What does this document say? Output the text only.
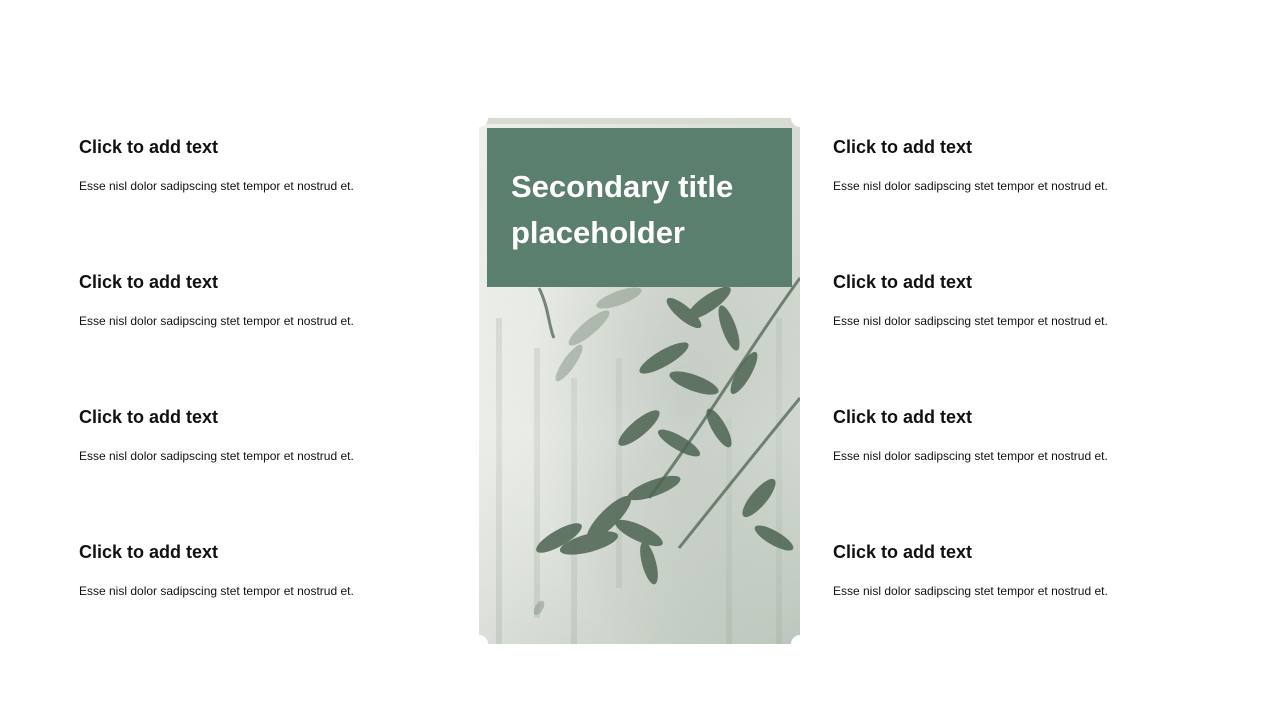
Click to add text
Esse nisl dolor sadipscing stet tempor et nostrud et.
Click to add text
Esse nisl dolor sadipscing stet tempor et nostrud et.
Click to add text
Esse nisl dolor sadipscing stet tempor et nostrud et.
Click to add text
Esse nisl dolor sadipscing stet tempor et nostrud et.
Click to add text
Esse nisl dolor sadipscing stet tempor et nostrud et.
Click to add text
Esse nisl dolor sadipscing stet tempor et nostrud et.
Click to add text
Esse nisl dolor sadipscing stet tempor et nostrud et.
Click to add text
Esse nisl dolor sadipscing stet tempor et nostrud et.
Secondary title placeholder
